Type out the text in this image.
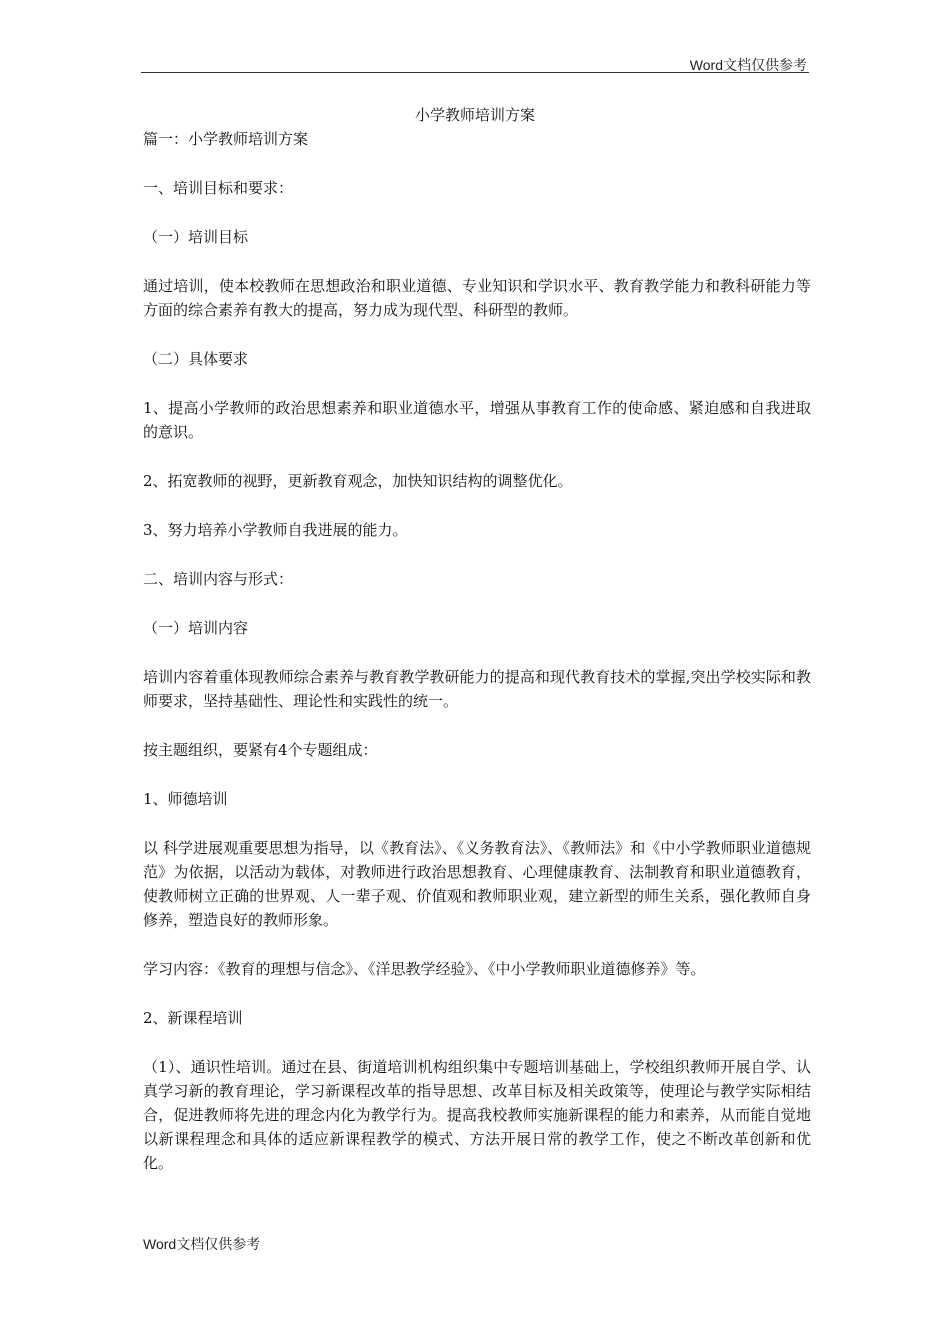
Word文档仅供参考
小学教师培训方案

篇一：小学教师培训方案

一、培训目标和要求：

（一）培训目标

通过培训，使本校教师在思想政治和职业道德、专业知识和学识水平、教育教学能力和教科研能力等方面的综合素养有教大的提高，努力成为现代型、科研型的教师。

（二）具体要求

1、提高小学教师的政治思想素养和职业道德水平，增强从事教育工作的使命感、紧迫感和自我进取的意识。

2、拓宽教师的视野，更新教育观念，加快知识结构的调整优化。

3、努力培养小学教师自我进展的能力。

二、培训内容与形式：

（一）培训内容

培训内容着重体现教师综合素养与教育教学教研能力的提高和现代教育技术的掌握,突出学校实际和教师要求，坚持基础性、理论性和实践性的统一。

按主题组织，要紧有4个专题组成：

1、师德培训

以 科学进展观重要思想为指导，以《教育法》、《义务教育法》、《教师法》和《中小学教师职业道德规范》为依据，以活动为载体，对教师进行政治思想教育、心理健康教育、法制教育和职业道德教育，使教师树立正确的世界观、人一辈子观、价值观和教师职业观，建立新型的师生关系，强化教师自身修养，塑造良好的教师形象。

学习内容：《教育的理想与信念》、《洋思教学经验》、《中小学教师职业道德修养》等。

2、新课程培训

（1）、通识性培训。通过在县、街道培训机构组织集中专题培训基础上，学校组织教师开展自学、认真学习新的教育理论，学习新课程改革的指导思想、改革目标及相关政策等，使理论与教学实际相结合，促进教师将先进的理念内化为教学行为。提高我校教师实施新课程的能力和素养，从而能自觉地以新课程理念和具体的适应新课程教学的模式、方法开展日常的教学工作，使之不断改革创新和优化。

Word文档仅供参考
